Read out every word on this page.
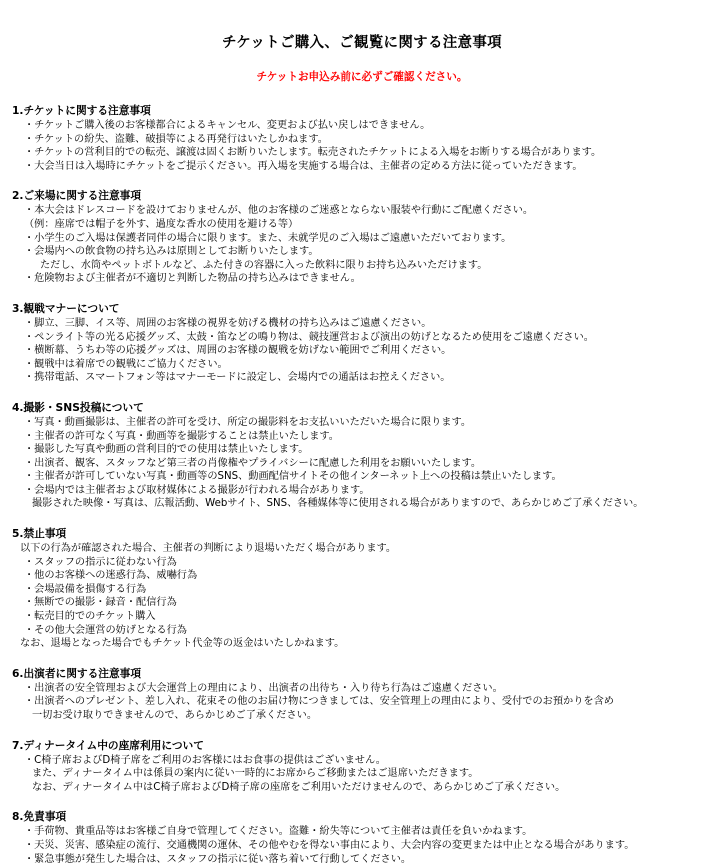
チケットご購入、ご観覧に関する注意事項
チケットお申込み前に必ずご確認ください。
1.チケットに関する注意事項
・チケットご購入後のお客様都合によるキャンセル、変更および払い戻しはできません。
・チケットの紛失、盗難、破損等による再発行はいたしかねます。
・チケットの営利目的での転売、譲渡は固くお断りいたします。転売されたチケットによる入場をお断りする場合があります。
・大会当日は入場時にチケットをご提示ください。再入場を実施する場合は、主催者の定める方法に従っていただきます。
2.ご来場に関する注意事項
・本大会はドレスコードを設けておりませんが、他のお客様のご迷惑とならない服装や行動にご配慮ください。
（例：座席では帽子を外す、過度な香水の使用を避ける等）
・小学生のご入場は保護者同伴の場合に限ります。また、未就学児のご入場はご遠慮いただいております。
・会場内への飲食物の持ち込みは原則としてお断りいたします。
ただし、水筒やペットボトルなど、ふた付きの容器に入った飲料に限りお持ち込みいただけます。
・危険物および主催者が不適切と判断した物品の持ち込みはできません。
3.観戦マナーについて
・脚立、三脚、イス等、周囲のお客様の視界を妨げる機材の持ち込みはご遠慮ください。
・ペンライト等の光る応援グッズ、太鼓・笛などの鳴り物は、競技運営および演出の妨げとなるため使用をご遠慮ください。
・横断幕、うちわ等の応援グッズは、周囲のお客様の観戦を妨げない範囲でご利用ください。
・観戦中は着席での観戦にご協力ください。
・携帯電話、スマートフォン等はマナーモードに設定し、会場内での通話はお控えください。
4.撮影・SNS投稿について
・写真・動画撮影は、主催者の許可を受け、所定の撮影料をお支払いいただいた場合に限ります。
・主催者の許可なく写真・動画等を撮影することは禁止いたします。
・撮影した写真や動画の営利目的での使用は禁止いたします。
・出演者、観客、スタッフなど第三者の肖像権やプライバシーに配慮した利用をお願いいたします。
・主催者が許可していない写真・動画等のSNS、動画配信サイトその他インターネット上への投稿は禁止いたします。
・会場内では主催者および取材媒体による撮影が行われる場合があります。
撮影された映像・写真は、広報活動、Webサイト、SNS、各種媒体等に使用される場合がありますので、あらかじめご了承ください。
5.禁止事項
以下の行為が確認された場合、主催者の判断により退場いただく場合があります。
・スタッフの指示に従わない行為
・他のお客様への迷惑行為、威嚇行為
・会場設備を損傷する行為
・無断での撮影・録音・配信行為
・転売目的でのチケット購入
・その他大会運営の妨げとなる行為
なお、退場となった場合でもチケット代金等の返金はいたしかねます。
6.出演者に関する注意事項
・出演者の安全管理および大会運営上の理由により、出演者の出待ち・入り待ち行為はご遠慮ください。
・出演者へのプレゼント、差し入れ、花束その他のお届け物につきましては、安全管理上の理由により、受付でのお預かりを含め
一切お受け取りできませんので、あらかじめご了承ください。
7.ディナータイム中の座席利用について
・C椅子席およびD椅子席をご利用のお客様にはお食事の提供はございません。
また、ディナータイム中は係員の案内に従い一時的にお席からご移動またはご退席いただきます。
なお、ディナータイム中はC椅子席およびD椅子席の座席をご利用いただけませんので、あらかじめご了承ください。
8.免責事項
・手荷物、貴重品等はお客様ご自身で管理してください。盗難・紛失等について主催者は責任を負いかねます。
・天災、災害、感染症の流行、交通機関の運休、その他やむを得ない事由により、大会内容の変更または中止となる場合があります。
・緊急事態が発生した場合は、スタッフの指示に従い落ち着いて行動してください。
